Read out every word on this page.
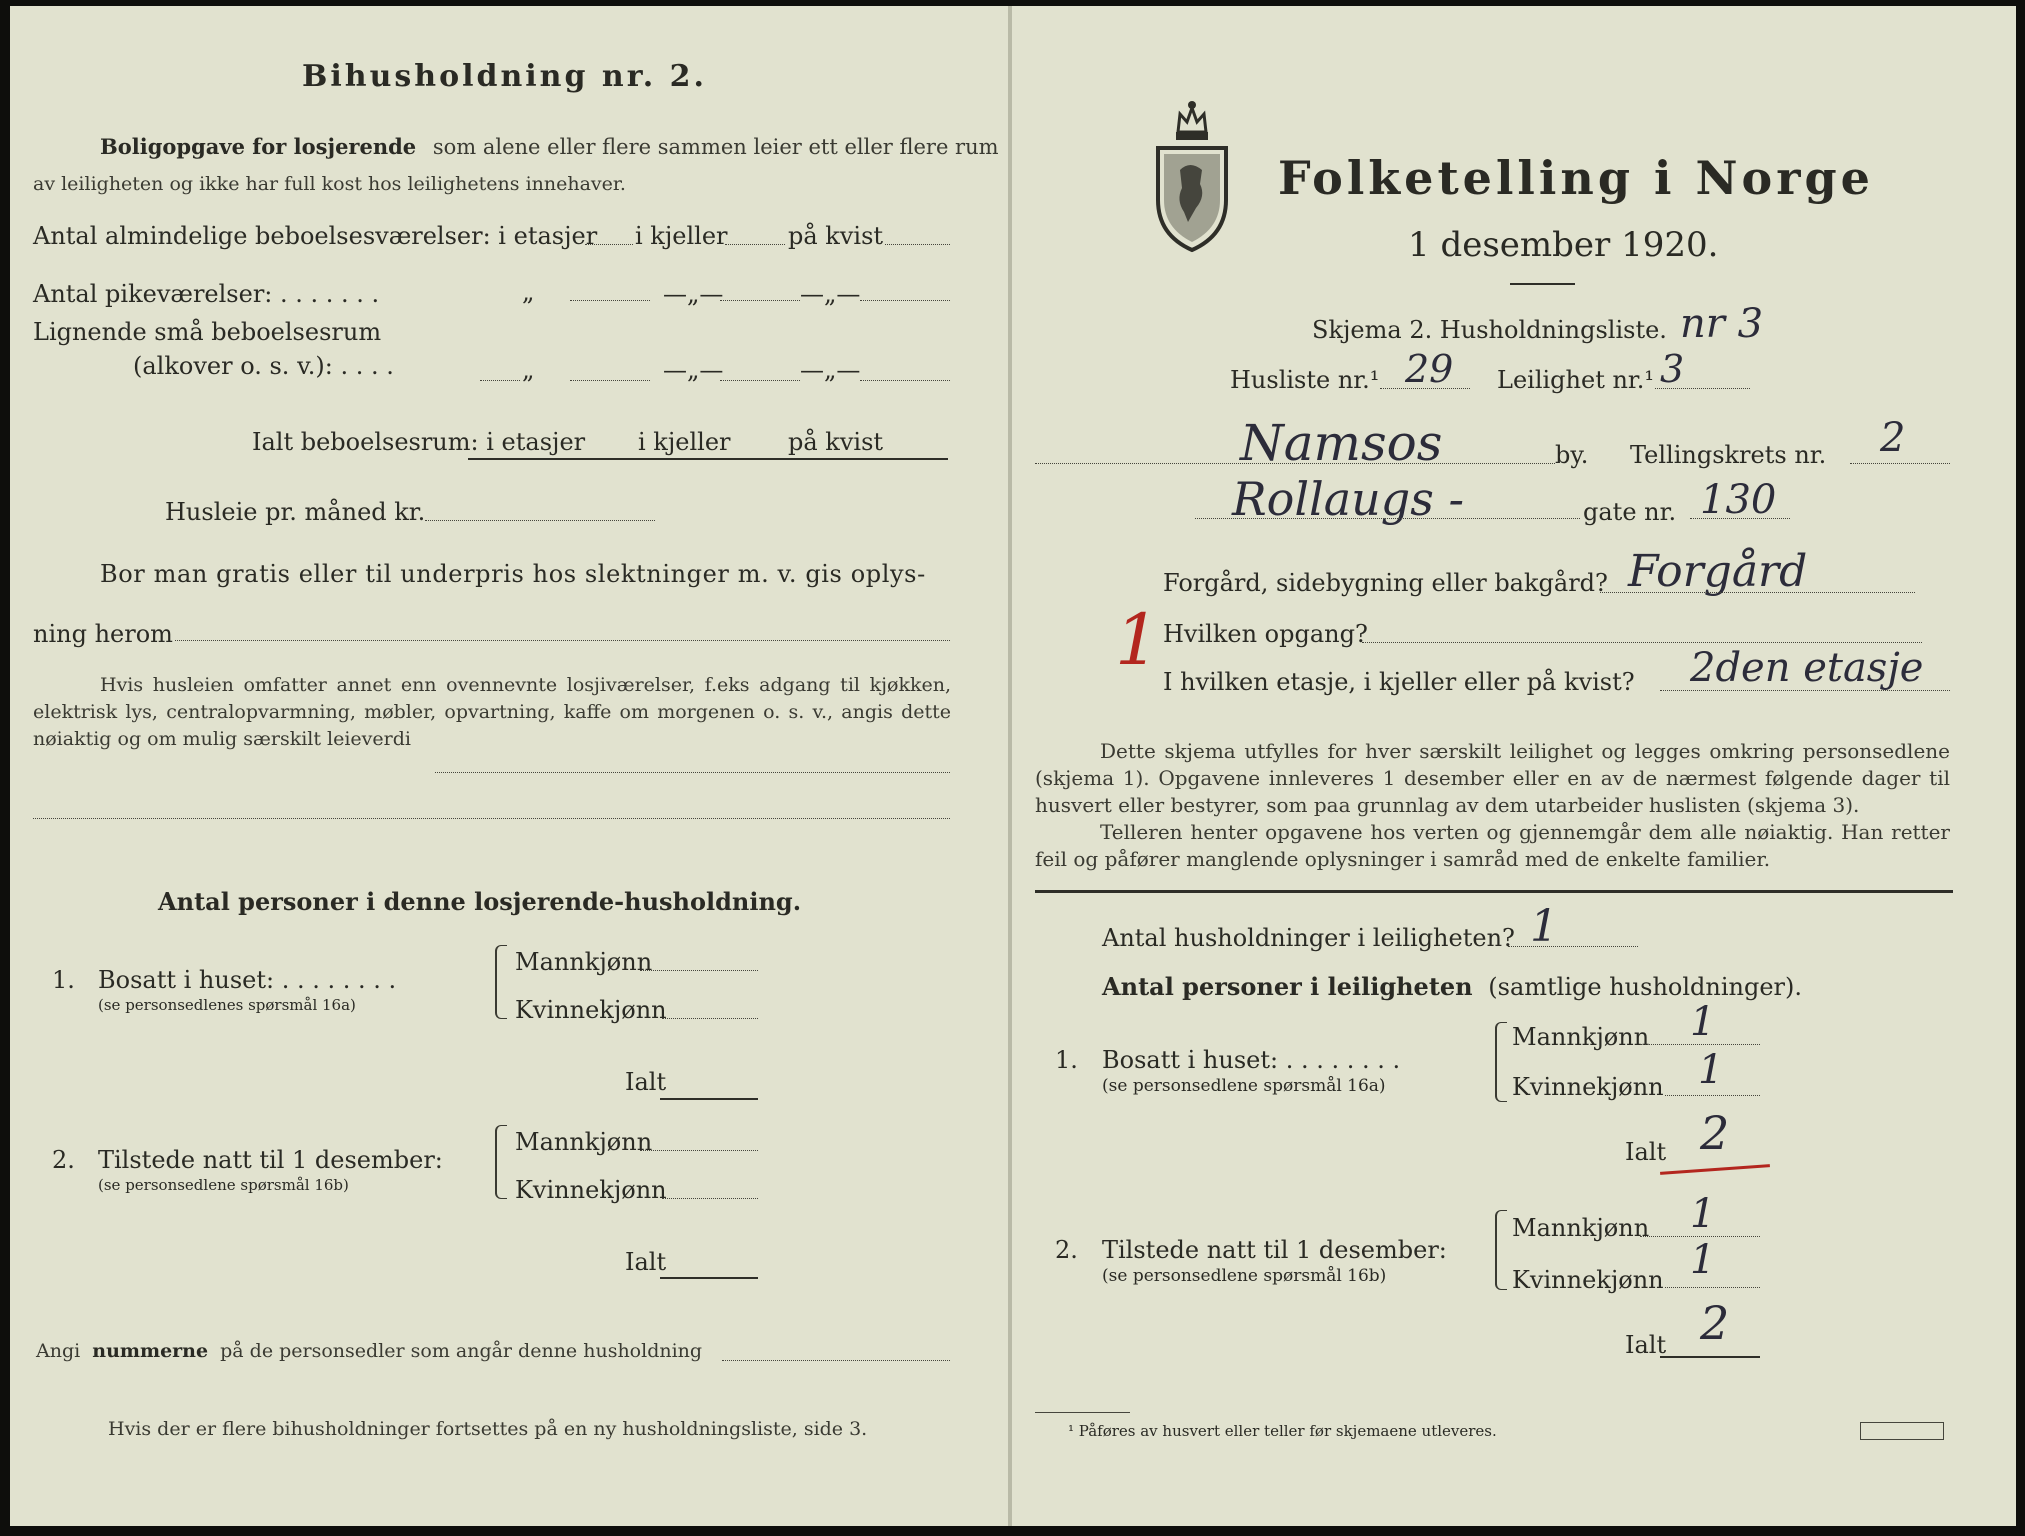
Bihusholdning nr. 2.
Boligopgave for losjerende som alene eller flere sammen leier ett eller flere rum
av leiligheten og ikke har full kost hos leilighetens innehaver.
Antal almindelige beboelsesværelser: i etasjer i kjeller	på kvist
Antal pikeværelser: . . . . . . .	„	—„—	—„—
Lignende små beboelsesrum
(alkover o. s. v.): . . . .	„	—„—	—„—
Ialt beboelsesrum: i etasjer i kjeller på kvist
Husleie pr. måned kr.
Bor man gratis eller til underpris hos slektninger m. v. gis oplys-
ning herom
Hvis husleien omfatter annet enn ovennevnte losjiværelser, f.eks adgang til kjøkken, elektrisk lys, centralopvarmning, møbler, opvartning, kaffe om morgenen o. s. v., angis dette nøiaktig og om mulig særskilt leieverdi
Antal personer i denne losjerende-husholdning.
1. Bosatt i huset: . . . . . . . .
(se personsedlenes spørsmål 16a)
Mannkjønn
Kvinnekjønn
Ialt
2. Tilstede natt til 1 desember:
(se personsedlene spørsmål 16b)
Mannkjønn
Kvinnekjønn
Ialt
Angi nummerne på de personsedler som angår denne husholdning
Hvis der er flere bihusholdninger fortsettes på en ny husholdningsliste, side 3.
Folketelling i Norge
1 desember 1920.
Skjema 2. Husholdningsliste. nr 3
Husliste nr.¹ 29 Leilighet nr.¹ 3
Namsos	by. Tellingskrets nr. 2
Rollaugs -	gate nr. 130
Forgård, sidebygning eller bakgård? Forgård
1 Hvilken opgang?
I hvilken etasje, i kjeller eller på kvist? 2den etasje
Dette skjema utfylles for hver særskilt leilighet og legges omkring personsedlene (skjema 1). Opgavene innleveres 1 desember eller en av de nærmest følgende dager til husvert eller bestyrer, som paa grunnlag av dem utarbeider huslisten (skjema 3).
Telleren henter opgavene hos verten og gjennemgår dem alle nøiaktig. Han retter feil og påfører manglende oplysninger i samråd med de enkelte familier.
Antal husholdninger i leiligheten? 1
Antal personer i leiligheten (samtlige husholdninger).
1. Bosatt i huset: . . . . . . . .
(se personsedlene spørsmål 16a)
Mannkjønn 1
Kvinnekjønn 1
Ialt 2
2. Tilstede natt til 1 desember:
(se personsedlene spørsmål 16b)
Mannkjønn 1
Kvinnekjønn 1
Ialt 2
¹ Påføres av husvert eller teller før skjemaene utleveres.
